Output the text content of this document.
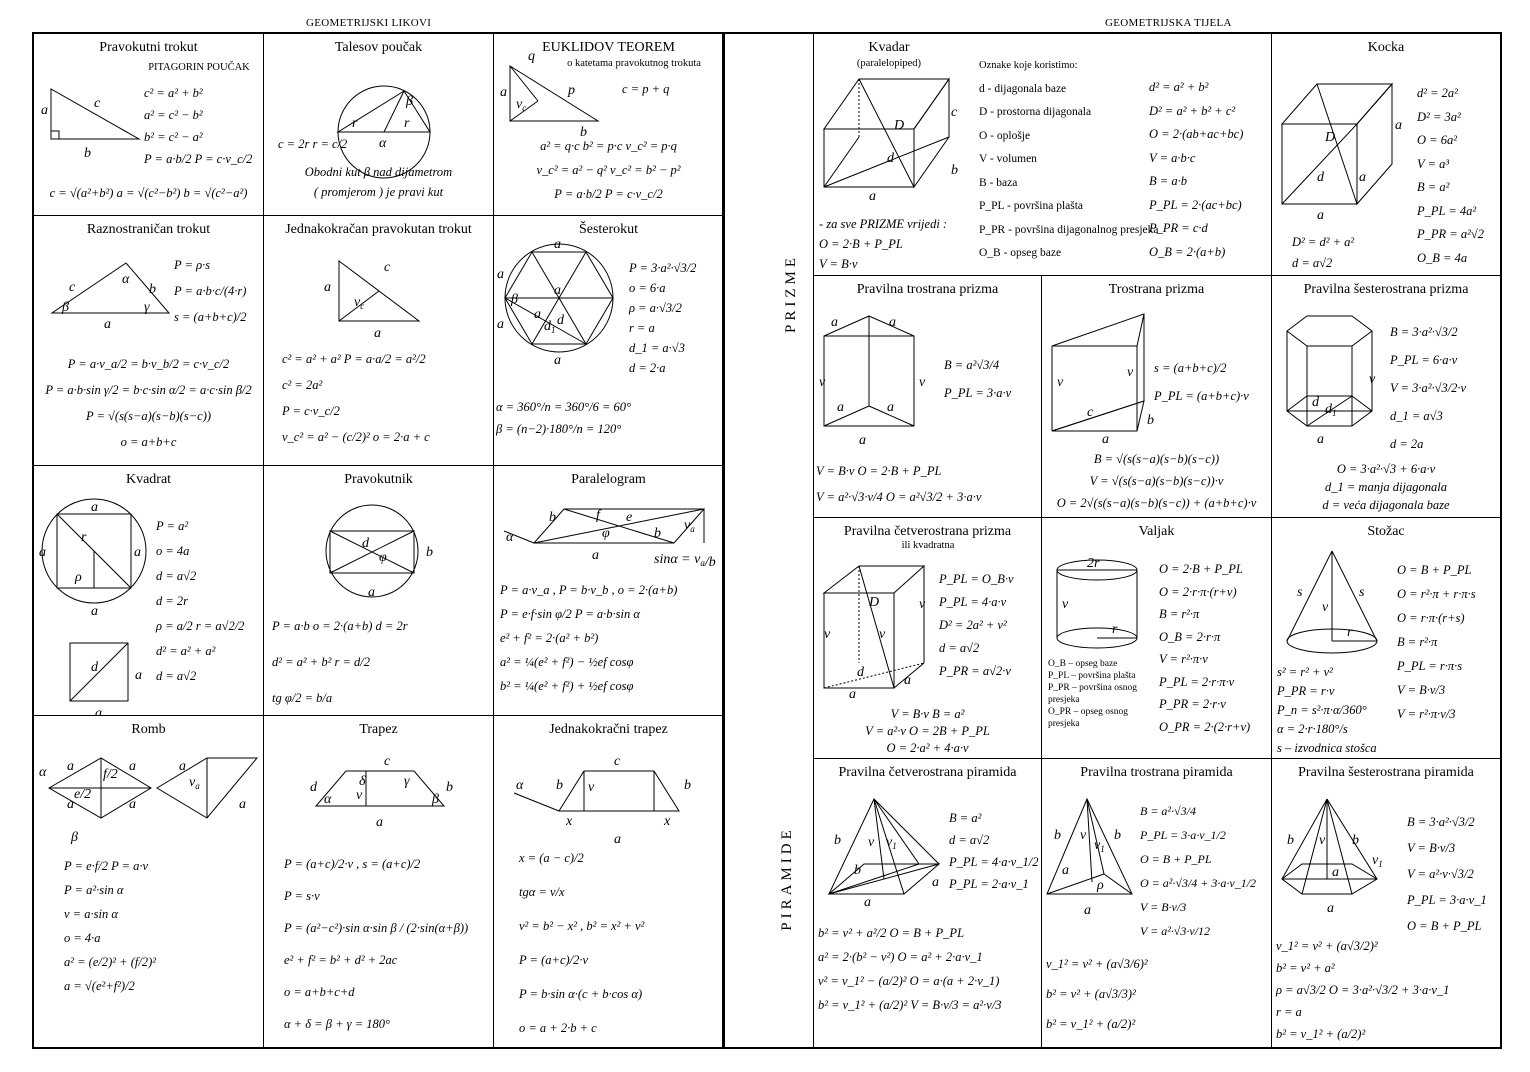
GEOMETRIJSKI LIKOVI	GEOMETRIJSKA TIJELA
PRIZME
PIRAMIDE
Pravokutni trokut
PITAGORIN POUČAK
a
b
c
c² = a² + b²
a² = c² − b²
b² = c² − a²
P = a·b/2 P = c·v_c/2
c = √(a²+b²) a = √(c²−b²) b = √(c²−a²)
Talesov poučak
r	r
α
β
c = 2r r = c/2
Obodni kut β nad dijametrom
( promjerom ) je pravi kut
EUKLIDOV TEOREM
o katetama pravokutnog trokuta
q
a	p
$v_c$
b
c = p + q
a² = q·c b² = p·c v_c² = p·q
v_c² = a² − q² v_c² = b² − p²
P = a·b/2 P = c·v_c/2
Raznostraničan trokut
c	b
a
α
β	γ
P = ρ·s
P = a·b·c/(4·r)
s = (a+b+c)/2
P = a·v_a/2 = b·v_b/2 = c·v_c/2
P = a·b·sin γ/2 = b·c·sin α/2 = a·c·sin β/2
P = √(s(s−a)(s−b)(s−c))
o = a+b+c
Jednakokračan pravokutan trokut
a
c
$v_c$
a
c² = a² + a² P = a·a/2 = a²/2
c² = 2a²
P = c·v_c/2
v_c² = a² − (c/2)² o = 2·a + c
Šesterokut
a
a
a
a
a d
$d_1$
β
a
P = 3·a²·√3/2
o = 6·a
ρ = a·√3/2
r = a
d_1 = a·√3
d = 2·a
α = 360°/n = 360°/6 = 60°
β = (n−2)·180°/n = 120°
Kvadrat
a
a	a
r
ρ
a
d
a
a
P = a²
o = 4a
d = a√2
d = 2r
ρ = a/2 r = a√2/2
d² = a² + a²
d = a√2
Pravokutnik
d
φ	b
a
P = a·b o = 2·(a+b) d = 2r
d² = a² + b² r = d/2
tg φ/2 = b/a
Paralelogram
b	f e
φ	b
$v_a$
a
α
$\sin\alpha = v_a/b$
P = a·v_a , P = b·v_b , o = 2·(a+b)
P = e·f·sin φ/2 P = a·b·sin α
e² + f² = 2·(a² + b²)
a² = ¼(e² + f²) − ½ef cosφ
b² = ¼(e² + f²) + ½ef cosφ
Romb
α a	a
a	a
e/2
f/2
β
$v_a$
a
a
P = e·f/2 P = a·v
P = a²·sin α
v = a·sin α
o = 4·a
a² = (e/2)² + (f/2)²
a = √(e²+f²)/2
Trapez
c
d	b
a
v
α	β
γ
δ
P = (a+c)/2·v , s = (a+c)/2
P = s·v
P = (a²−c²)·sin α·sin β / (2·sin(α+β))
e² + f² = b² + d² + 2ac
o = a+b+c+d
α + δ = β + γ = 180°
Jednakokračni trapez
c
b v	b
α
x	x
a
x = (a − c)/2
tgα = v/x
v² = b² − x² , b² = x² + v²
P = (a+c)/2·v
P = b·sin α·(c + b·cos α)
o = a + 2·b + c
Kvadar
(paralelopiped)
D
d
c
b
a
d² = a² + b²
D² = a² + b² + c²
O = 2·(ab+ac+bc)
V = a·b·c
B = a·b
P_PL = 2·(ac+bc)
P_PR = c·d
O_B = 2·(a+b)
- za sve PRIZME vrijedi :
O = 2·B + P_PL
V = B·v
Oznake koje koristimo:
d - dijagonala baze
D - prostorna dijagonala
O - oplošje
V - volumen
B - baza
P_PL - površina plašta
P_PR - površina dijagonalnog presjeka
O_B - opseg baze
Kocka
D
d
a
a
a
d² = 2a²
D² = 3a²
O = 6a²
V = a³
B = a²
P_PL = 4a²
P_PR = a²√2
O_B = 4a
D² = d² + a²
d = a√2
Pravilna trostrana prizma
a	a
v	v
a	a
a
B = a²√3/4
P_PL = 3·a·v
V = B·v O = 2·B + P_PL
V = a²·√3·v/4 O = a²√3/2 + 3·a·v
Trostrana prizma
v
v
c
b
a
s = (a+b+c)/2
P_PL = (a+b+c)·v
B = √(s(s−a)(s−b)(s−c))
V = √(s(s−a)(s−b)(s−c))·v
O = 2√(s(s−a)(s−b)(s−c)) + (a+b+c)·v
Pravilna šesterostrana prizma
v
d $d_1$
a
B = 3·a²·√3/2
P_PL = 6·a·v
V = 3·a²·√3/2·v
d_1 = a√3
d = 2a
O = 3·a²·√3 + 6·a·v
d_1 = manja dijagonala
d = veća dijagonala baze
Pravilna četverostrana prizma
ili kvadratna
D	v
v	v
d
a
a
P_PL = O_B·v
P_PL = 4·a·v
D² = 2a² + v²
d = a√2
P_PR = a√2·v
V = B·v B = a²
V = a²·v O = 2B + P_PL
O = 2·a² + 4·a·v
Valjak
2r
v
r
O = 2·B + P_PL
O = 2·r·π·(r+v)
B = r²·π
O_B = 2·r·π
V = r²·π·v
P_PL = 2·r·π·v
P_PR = 2·r·v
O_PR = 2·(2·r+v)
O_B – opseg baze
P_PL – površina plašta
P_PR – površina osnog presjeka
O_PR – opseg osnog presjeka
Stožac
s	s
v
r
O = B + P_PL
O = r²·π + r·π·s
O = r·π·(r+s)
B = r²·π
P_PL = r·π·s
V = B·v/3
V = r²·π·v/3
s² = r² + v²
P_PR = r·v
P_n = s²·π·α/360°
α = 2·r·180°/s
s – izvodnica stošca
Pravilna četverostrana piramida
b v $v_1$
b
a
a
B = a²
d = a√2
P_PL = 4·a·v_1/2
P_PL = 2·a·v_1
b² = v² + a²/2 O = B + P_PL
a² = 2·(b² − v²) O = a² + 2·a·v_1
v² = v_1² − (a/2)² O = a·(a + 2·v_1)
b² = v_1² + (a/2)² V = B·v/3 = a²·v/3
Pravilna trostrana piramida
b v
$v_1$
b
a
ρ
a
B = a²·√3/4
P_PL = 3·a·v_1/2
O = B + P_PL
O = a²·√3/4 + 3·a·v_1/2
V = B·v/3
V = a²·√3·v/12
v_1² = v² + (a√3/6)²
b² = v² + (a√3/3)²
b² = v_1² + (a/2)²
Pravilna šesterostrana piramida
b v b
$v_1$
a
a
B = 3·a²·√3/2
V = B·v/3
V = a²·v·√3/2
P_PL = 3·a·v_1
O = B + P_PL
v_1² = v² + (a√3/2)²
b² = v² + a²
ρ = a√3/2 O = 3·a²·√3/2 + 3·a·v_1
r = a
b² = v_1² + (a/2)²
